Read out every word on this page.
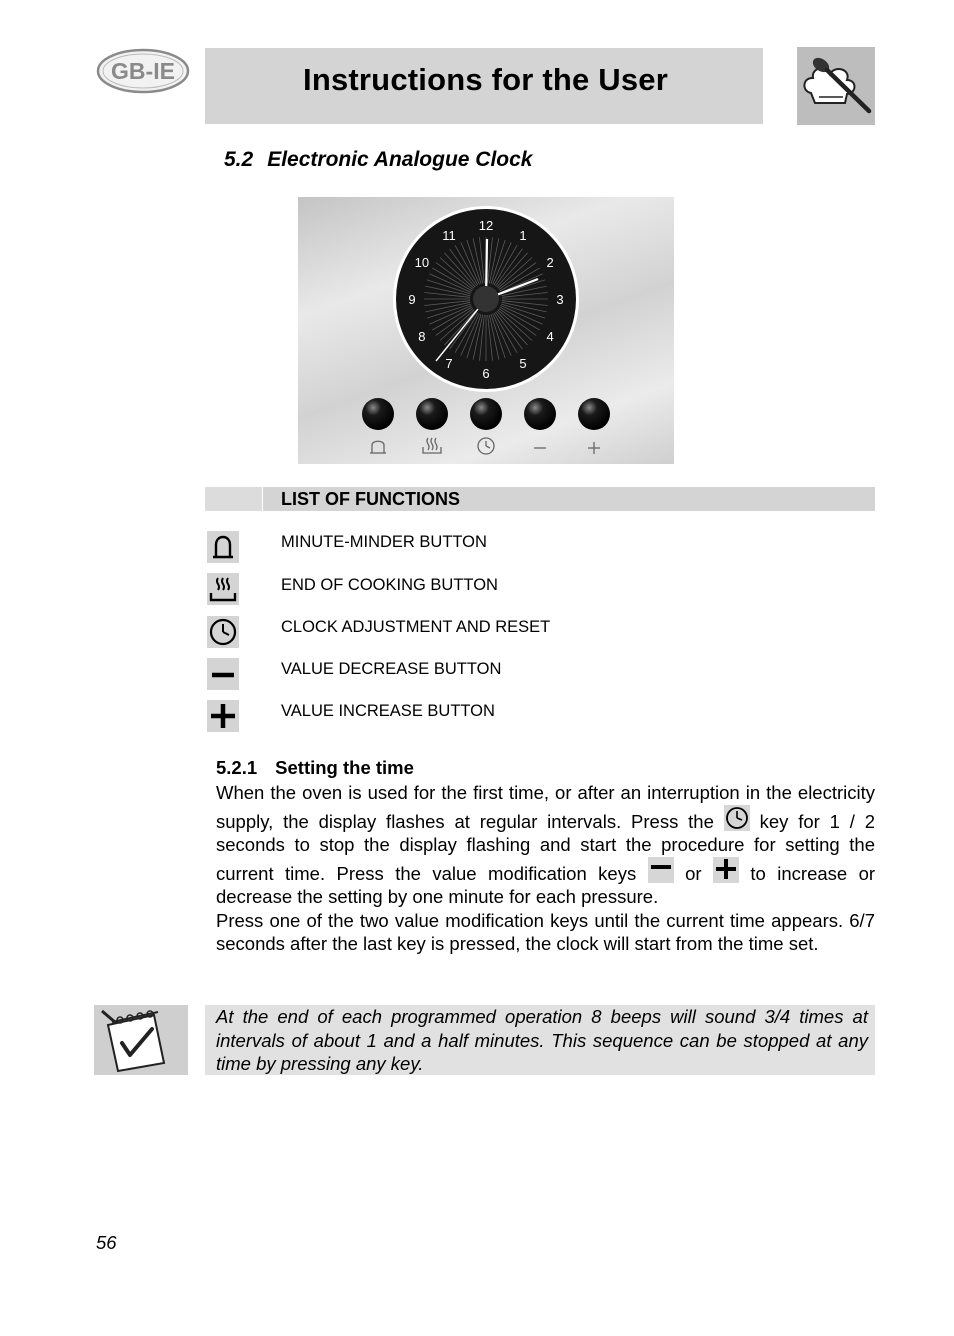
GB-IE	Instructions for the User
5.2 Electronic Analogue Clock
12
1
2
3
4
5
6
7
8
9
10
11
LIST OF FUNCTIONS
MINUTE-MINDER BUTTON
END OF COOKING BUTTON
CLOCK ADJUSTMENT AND RESET
VALUE DECREASE BUTTON
VALUE INCREASE BUTTON
5.2.1 Setting the time

When the oven is used for the first time, or after an interruption in the electricity supply, the display flashes at regular intervals. Press the key for 1 / 2 seconds to stop the display flashing and start the procedure for setting the current time. Press the value modification keys	or	to increase or decrease the setting by one minute for each pressure.

Press one of the two value modification keys until the current time appears. 6/7 seconds after the last key is pressed, the clock will start from the time set.

At the end of each programmed operation 8 beeps will sound 3/4 times at intervals of about 1 and a half minutes. This sequence can be stopped at any time by pressing any key.
56
